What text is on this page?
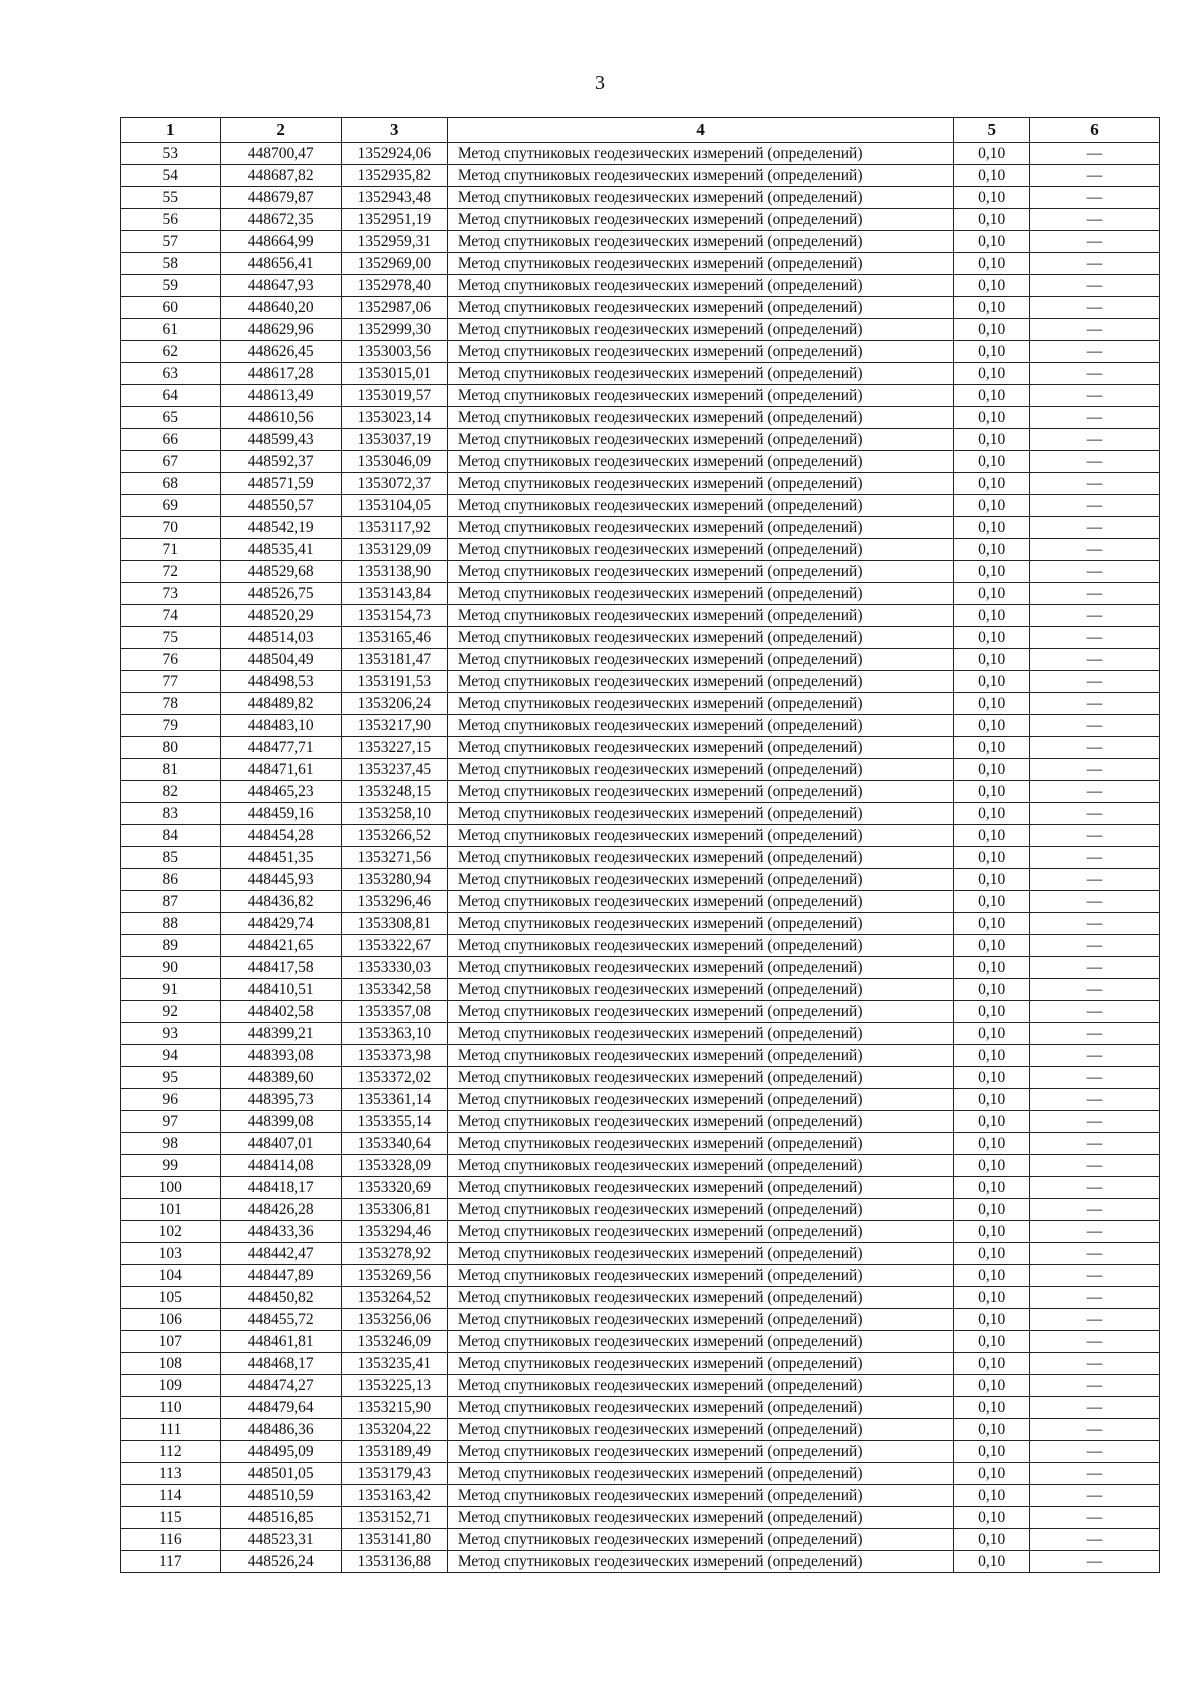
3
1	2	3	4	5	6
53	448700,47	1352924,06	Метод спутниковых геодезических измерений (определений)	0,10	—
54	448687,82	1352935,82	Метод спутниковых геодезических измерений (определений)	0,10	—
55	448679,87	1352943,48	Метод спутниковых геодезических измерений (определений)	0,10	—
56	448672,35	1352951,19	Метод спутниковых геодезических измерений (определений)	0,10	—
57	448664,99	1352959,31	Метод спутниковых геодезических измерений (определений)	0,10	—
58	448656,41	1352969,00	Метод спутниковых геодезических измерений (определений)	0,10	—
59	448647,93	1352978,40	Метод спутниковых геодезических измерений (определений)	0,10	—
60	448640,20	1352987,06	Метод спутниковых геодезических измерений (определений)	0,10	—
61	448629,96	1352999,30	Метод спутниковых геодезических измерений (определений)	0,10	—
62	448626,45	1353003,56	Метод спутниковых геодезических измерений (определений)	0,10	—
63	448617,28	1353015,01	Метод спутниковых геодезических измерений (определений)	0,10	—
64	448613,49	1353019,57	Метод спутниковых геодезических измерений (определений)	0,10	—
65	448610,56	1353023,14	Метод спутниковых геодезических измерений (определений)	0,10	—
66	448599,43	1353037,19	Метод спутниковых геодезических измерений (определений)	0,10	—
67	448592,37	1353046,09	Метод спутниковых геодезических измерений (определений)	0,10	—
68	448571,59	1353072,37	Метод спутниковых геодезических измерений (определений)	0,10	—
69	448550,57	1353104,05	Метод спутниковых геодезических измерений (определений)	0,10	—
70	448542,19	1353117,92	Метод спутниковых геодезических измерений (определений)	0,10	—
71	448535,41	1353129,09	Метод спутниковых геодезических измерений (определений)	0,10	—
72	448529,68	1353138,90	Метод спутниковых геодезических измерений (определений)	0,10	—
73	448526,75	1353143,84	Метод спутниковых геодезических измерений (определений)	0,10	—
74	448520,29	1353154,73	Метод спутниковых геодезических измерений (определений)	0,10	—
75	448514,03	1353165,46	Метод спутниковых геодезических измерений (определений)	0,10	—
76	448504,49	1353181,47	Метод спутниковых геодезических измерений (определений)	0,10	—
77	448498,53	1353191,53	Метод спутниковых геодезических измерений (определений)	0,10	—
78	448489,82	1353206,24	Метод спутниковых геодезических измерений (определений)	0,10	—
79	448483,10	1353217,90	Метод спутниковых геодезических измерений (определений)	0,10	—
80	448477,71	1353227,15	Метод спутниковых геодезических измерений (определений)	0,10	—
81	448471,61	1353237,45	Метод спутниковых геодезических измерений (определений)	0,10	—
82	448465,23	1353248,15	Метод спутниковых геодезических измерений (определений)	0,10	—
83	448459,16	1353258,10	Метод спутниковых геодезических измерений (определений)	0,10	—
84	448454,28	1353266,52	Метод спутниковых геодезических измерений (определений)	0,10	—
85	448451,35	1353271,56	Метод спутниковых геодезических измерений (определений)	0,10	—
86	448445,93	1353280,94	Метод спутниковых геодезических измерений (определений)	0,10	—
87	448436,82	1353296,46	Метод спутниковых геодезических измерений (определений)	0,10	—
88	448429,74	1353308,81	Метод спутниковых геодезических измерений (определений)	0,10	—
89	448421,65	1353322,67	Метод спутниковых геодезических измерений (определений)	0,10	—
90	448417,58	1353330,03	Метод спутниковых геодезических измерений (определений)	0,10	—
91	448410,51	1353342,58	Метод спутниковых геодезических измерений (определений)	0,10	—
92	448402,58	1353357,08	Метод спутниковых геодезических измерений (определений)	0,10	—
93	448399,21	1353363,10	Метод спутниковых геодезических измерений (определений)	0,10	—
94	448393,08	1353373,98	Метод спутниковых геодезических измерений (определений)	0,10	—
95	448389,60	1353372,02	Метод спутниковых геодезических измерений (определений)	0,10	—
96	448395,73	1353361,14	Метод спутниковых геодезических измерений (определений)	0,10	—
97	448399,08	1353355,14	Метод спутниковых геодезических измерений (определений)	0,10	—
98	448407,01	1353340,64	Метод спутниковых геодезических измерений (определений)	0,10	—
99	448414,08	1353328,09	Метод спутниковых геодезических измерений (определений)	0,10	—
100	448418,17	1353320,69	Метод спутниковых геодезических измерений (определений)	0,10	—
101	448426,28	1353306,81	Метод спутниковых геодезических измерений (определений)	0,10	—
102	448433,36	1353294,46	Метод спутниковых геодезических измерений (определений)	0,10	—
103	448442,47	1353278,92	Метод спутниковых геодезических измерений (определений)	0,10	—
104	448447,89	1353269,56	Метод спутниковых геодезических измерений (определений)	0,10	—
105	448450,82	1353264,52	Метод спутниковых геодезических измерений (определений)	0,10	—
106	448455,72	1353256,06	Метод спутниковых геодезических измерений (определений)	0,10	—
107	448461,81	1353246,09	Метод спутниковых геодезических измерений (определений)	0,10	—
108	448468,17	1353235,41	Метод спутниковых геодезических измерений (определений)	0,10	—
109	448474,27	1353225,13	Метод спутниковых геодезических измерений (определений)	0,10	—
110	448479,64	1353215,90	Метод спутниковых геодезических измерений (определений)	0,10	—
111	448486,36	1353204,22	Метод спутниковых геодезических измерений (определений)	0,10	—
112	448495,09	1353189,49	Метод спутниковых геодезических измерений (определений)	0,10	—
113	448501,05	1353179,43	Метод спутниковых геодезических измерений (определений)	0,10	—
114	448510,59	1353163,42	Метод спутниковых геодезических измерений (определений)	0,10	—
115	448516,85	1353152,71	Метод спутниковых геодезических измерений (определений)	0,10	—
116	448523,31	1353141,80	Метод спутниковых геодезических измерений (определений)	0,10	—
117	448526,24	1353136,88	Метод спутниковых геодезических измерений (определений)	0,10	—
